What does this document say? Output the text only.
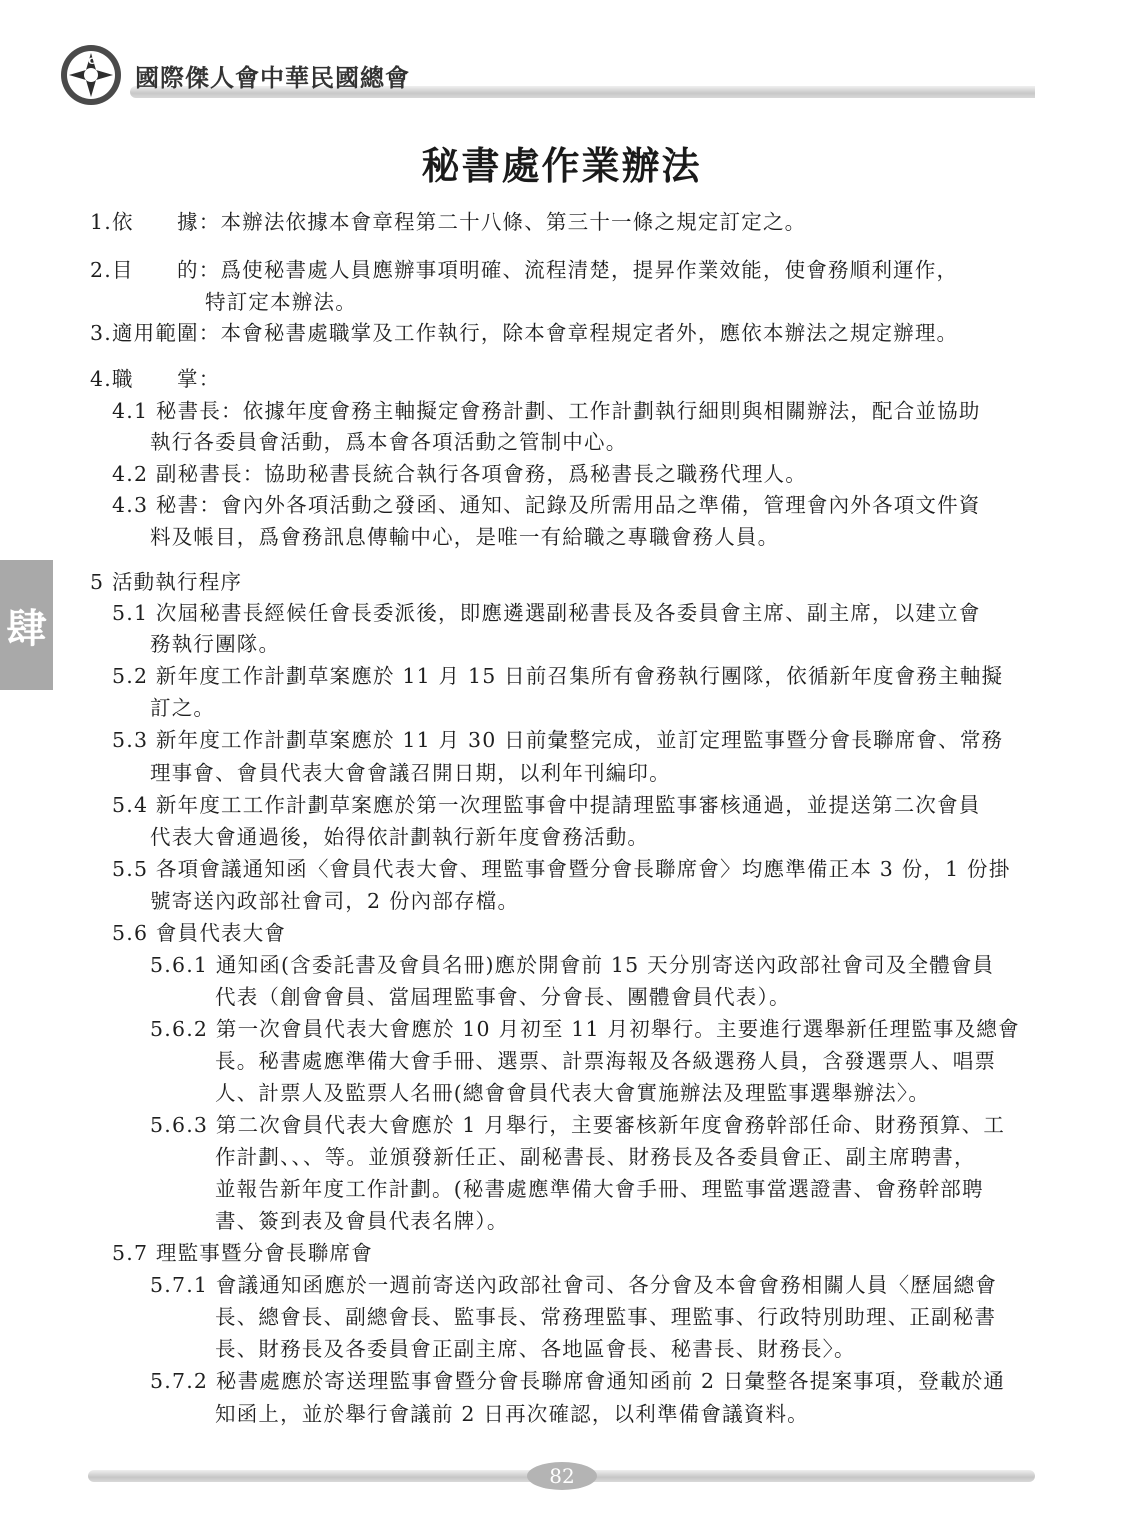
DCS
國際傑人會中華民國總會
秘書處作業辦法
肆
1.依　　據：本辦法依據本會章程第二十八條、第三十一條之規定訂定之。
2.目　　的：爲使秘書處人員應辦事項明確、流程清楚，提昇作業效能，使會務順利運作，
特訂定本辦法。
3.適用範圍：本會秘書處職掌及工作執行，除本會章程規定者外，應依本辦法之規定辦理。
4.職　　掌：
4.1 秘書長：依據年度會務主軸擬定會務計劃、工作計劃執行細則與相關辦法，配合並協助
執行各委員會活動，爲本會各項活動之管制中心。
4.2 副秘書長：協助秘書長統合執行各項會務，爲秘書長之職務代理人。
4.3 秘書：會內外各項活動之發函、通知、記錄及所需用品之準備，管理會內外各項文件資
料及帳目，爲會務訊息傳輸中心，是唯一有給職之專職會務人員。
5 活動執行程序
5.1 次屆秘書長經候任會長委派後，即應遴選副秘書長及各委員會主席、副主席，以建立會
務執行團隊。
5.2 新年度工作計劃草案應於 11 月 15 日前召集所有會務執行團隊，依循新年度會務主軸擬
訂之。
5.3 新年度工作計劃草案應於 11 月 30 日前彙整完成，並訂定理監事暨分會長聯席會、常務
理事會、會員代表大會會議召開日期，以利年刊編印。
5.4 新年度工工作計劃草案應於第一次理監事會中提請理監事審核通過，並提送第二次會員
代表大會通過後，始得依計劃執行新年度會務活動。
5.5 各項會議通知函〈會員代表大會、理監事會暨分會長聯席會〉均應準備正本 3 份，1 份掛
號寄送內政部社會司，2 份內部存檔。
5.6 會員代表大會
5.6.1 通知函(含委託書及會員名冊)應於開會前 15 天分別寄送內政部社會司及全體會員
代表（創會會員、當屆理監事會、分會長、團體會員代表）。
5.6.2 第一次會員代表大會應於 10 月初至 11 月初舉行。主要進行選舉新任理監事及總會
長。秘書處應準備大會手冊、選票、計票海報及各級選務人員，含發選票人、唱票
人、計票人及監票人名冊(總會會員代表大會實施辦法及理監事選舉辦法〉。
5.6.3 第二次會員代表大會應於 1 月舉行，主要審核新年度會務幹部任命、財務預算、工
作計劃、、、等。並頒發新任正、副秘書長、財務長及各委員會正、副主席聘書，
並報告新年度工作計劃。(秘書處應準備大會手冊、理監事當選證書、會務幹部聘
書、簽到表及會員代表名牌）。
5.7 理監事暨分會長聯席會
5.7.1 會議通知函應於一週前寄送內政部社會司、各分會及本會會務相關人員〈歷屆總會
長、總會長、副總會長、監事長、常務理監事、理監事、行政特別助理、正副秘書
長、財務長及各委員會正副主席、各地區會長、秘書長、財務長〉。
5.7.2 秘書處應於寄送理監事會暨分會長聯席會通知函前 2 日彙整各提案事項，登載於通
知函上，並於舉行會議前 2 日再次確認，以利準備會議資料。
82
